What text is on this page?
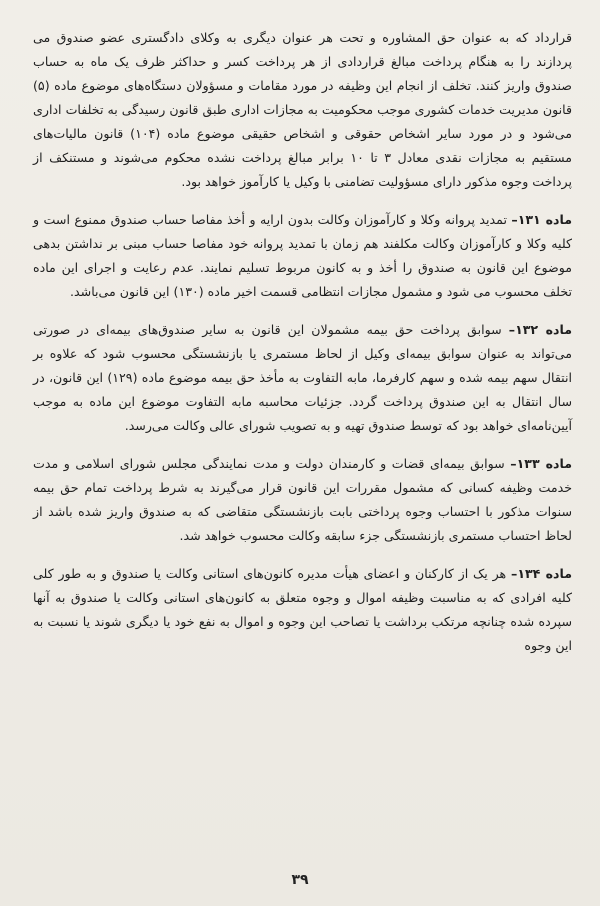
قرارداد که به عنوان حق المشاوره و تحت هر عنوان دیگری به وکلای دادگستری عضو صندوق می پردازند را به هنگام پرداخت مبالغ قراردادی از هر پرداخت کسر و حداکثر ظرف یک ماه به حساب صندوق واریز کنند. تخلف از انجام این وظیفه در مورد مقامات و مسؤولان دستگاه‌های موضوع ماده (۵) قانون مدیریت خدمات کشوری موجب محکومیت به مجازات اداری طبق قانون رسیدگی به تخلفات اداری می‌شود و در مورد سایر اشخاص حقوقی و اشخاص حقیقی موضوع ماده (۱۰۴) قانون مالیات‌های مستقیم به مجازات نقدی معادل ۳ تا ۱۰ برابر مبالغ پرداخت نشده محکوم می‌شوند و مستنکف از پرداخت وجوه مذکور دارای مسؤولیت تضامنی با وکیل یا کارآموز خواهد بود.

ماده ۱۳۱– تمدید پروانه وکلا و کارآموزان وکالت بدون ارایه و أخذ مفاصا حساب صندوق ممنوع است و کلیه وکلا و کارآموزان وکالت مکلفند هم زمان با تمدید پروانه خود مفاصا حساب مبنی بر نداشتن بدهی موضوع این قانون به صندوق را أخذ و به کانون مربوط تسلیم نمایند. عدم رعایت و اجرای این ماده تخلف محسوب می شود و مشمول مجازات انتظامی قسمت اخیر ماده (۱۳۰) این قانون می‌باشد.

ماده ۱۳۲– سوابق پرداخت حق بیمه مشمولان این قانون به سایر صندوق‌های بیمه‌ای در صورتی می‌تواند به عنوان سوابق بیمه‌ای وکیل از لحاظ مستمری یا بازنشستگی محسوب شود که علاوه بر انتقال سهم بیمه شده و سهم کارفرما، مابه التفاوت به مأخذ حق بیمه موضوع ماده (۱۲۹) این قانون، در سال انتقال به این صندوق پرداخت گردد. جزئیات محاسبه مابه التفاوت موضوع این ماده به موجب آیین‌نامه‌ای خواهد بود که توسط صندوق تهیه و به تصویب شورای عالی وکالت می‌رسد.

ماده ۱۳۳– سوابق بیمه‌ای قضات و کارمندان دولت و مدت نمایندگی مجلس شورای اسلامی و مدت خدمت وظیفه کسانی که مشمول مقررات این قانون قرار می‌گیرند به شرط پرداخت تمام حق بیمه سنوات مذکور با احتساب وجوه پرداختی بابت بازنشستگی متقاضی که به صندوق واریز شده باشد از لحاظ احتساب مستمری بازنشستگی جزء سابقه وکالت محسوب خواهد شد.

ماده ۱۳۴– هر یک از کارکنان و اعضای هیأت مدیره کانون‌های استانی وکالت یا صندوق و به طور کلی کلیه افرادی که به مناسبت وظیفه اموال و وجوه متعلق به کانون‌های استانی وکالت یا صندوق به آنها سپرده شده چنانچه مرتکب برداشت یا تصاحب این وجوه و اموال به نفع خود یا دیگری شوند یا نسبت به این وجوه

۳۹
